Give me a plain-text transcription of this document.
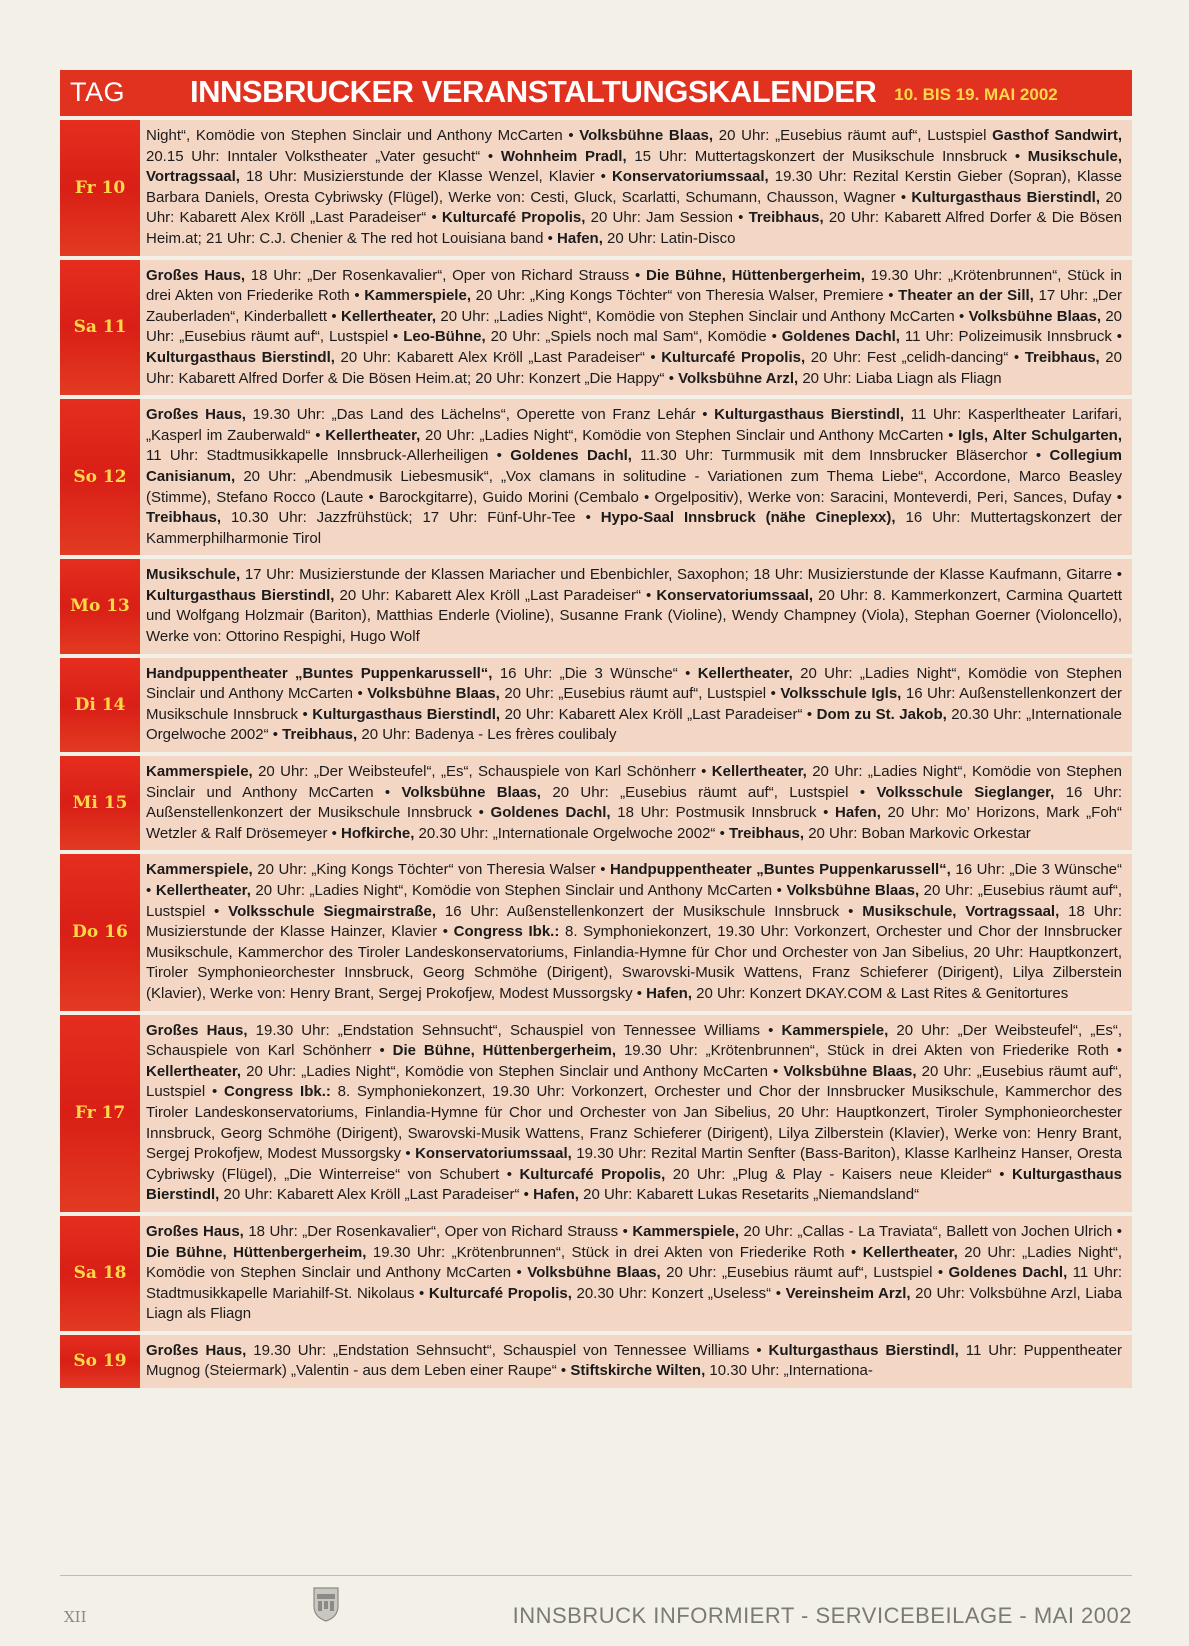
TAG	INNSBRUCKER VERANSTALTUNGSKALENDER	10. BIS 19. MAI 2002
Fr 10
Night“, Komödie von Stephen Sinclair und Anthony McCarten • Volksbühne Blaas, 20 Uhr: „Eusebius räumt auf“, Lustspiel Gasthof Sandwirt, 20.15 Uhr: Inntaler Volkstheater „Vater gesucht“ • Wohnheim Pradl, 15 Uhr: Muttertagskonzert der Musikschule Innsbruck • Musikschule, Vortragssaal, 18 Uhr: Musizierstunde der Klasse Wenzel, Klavier • Konservatoriumssaal, 19.30 Uhr: Rezital Kerstin Gieber (Sopran), Klasse Barbara Daniels, Oresta Cybriwsky (Flügel), Werke von: Cesti, Gluck, Scarlatti, Schumann, Chausson, Wagner • Kulturgasthaus Bierstindl, 20 Uhr: Kabarett Alex Kröll „Last Paradeiser“ • Kulturcafé Propolis, 20 Uhr: Jam Session • Treibhaus, 20 Uhr: Kabarett Alfred Dorfer & Die Bösen Heim.at; 21 Uhr: C.J. Chenier & The red hot Louisiana band • Hafen, 20 Uhr: Latin-Disco
Sa 11
Großes Haus, 18 Uhr: „Der Rosenkavalier“, Oper von Richard Strauss • Die Bühne, Hüttenbergerheim, 19.30 Uhr: „Krötenbrunnen“, Stück in drei Akten von Friederike Roth • Kammerspiele, 20 Uhr: „King Kongs Töchter“ von Theresia Walser, Premiere • Theater an der Sill, 17 Uhr: „Der Zauberladen“, Kinderballett • Kellertheater, 20 Uhr: „Ladies Night“, Komödie von Stephen Sinclair und Anthony McCarten • Volksbühne Blaas, 20 Uhr: „Eusebius räumt auf“, Lustspiel • Leo-Bühne, 20 Uhr: „Spiels noch mal Sam“, Komödie • Goldenes Dachl, 11 Uhr: Polizeimusik Innsbruck • Kulturgasthaus Bierstindl, 20 Uhr: Kabarett Alex Kröll „Last Paradeiser“ • Kulturcafé Propolis, 20 Uhr: Fest „celidh-dancing“ • Treibhaus, 20 Uhr: Kabarett Alfred Dorfer & Die Bösen Heim.at; 20 Uhr: Konzert „Die Happy“ • Volksbühne Arzl, 20 Uhr: Liaba Liagn als Fliagn
So 12
Großes Haus, 19.30 Uhr: „Das Land des Lächelns“, Operette von Franz Lehár • Kulturgasthaus Bierstindl, 11 Uhr: Kasperltheater Larifari, „Kasperl im Zauberwald“ • Kellertheater, 20 Uhr: „Ladies Night“, Komödie von Stephen Sinclair und Anthony McCarten • Igls, Alter Schulgarten, 11 Uhr: Stadtmusikkapelle Innsbruck-Allerheiligen • Goldenes Dachl, 11.30 Uhr: Turmmusik mit dem Innsbrucker Bläserchor • Collegium Canisianum, 20 Uhr: „Abendmusik Liebesmusik“, „Vox clamans in solitudine - Variationen zum Thema Liebe“, Accordone, Marco Beasley (Stimme), Stefano Rocco (Laute • Barockgitarre), Guido Morini (Cembalo • Orgelpositiv), Werke von: Saracini, Monteverdi, Peri, Sances, Dufay • Treibhaus, 10.30 Uhr: Jazzfrühstück; 17 Uhr: Fünf-Uhr-Tee • Hypo-Saal Innsbruck (nähe Cineplexx), 16 Uhr: Muttertagskonzert der Kammerphilharmonie Tirol
Mo 13
Musikschule, 17 Uhr: Musizierstunde der Klassen Mariacher und Ebenbichler, Saxophon; 18 Uhr: Musizierstunde der Klasse Kaufmann, Gitarre • Kulturgasthaus Bierstindl, 20 Uhr: Kabarett Alex Kröll „Last Paradeiser“ • Konservatoriumssaal, 20 Uhr: 8. Kammerkonzert, Carmina Quartett und Wolfgang Holzmair (Bariton), Matthias Enderle (Violine), Susanne Frank (Violine), Wendy Champney (Viola), Stephan Goerner (Violoncello), Werke von: Ottorino Respighi, Hugo Wolf
Di 14
Handpuppentheater „Buntes Puppenkarussell“, 16 Uhr: „Die 3 Wünsche“ • Kellertheater, 20 Uhr: „Ladies Night“, Komödie von Stephen Sinclair und Anthony McCarten • Volksbühne Blaas, 20 Uhr: „Eusebius räumt auf“, Lustspiel • Volksschule Igls, 16 Uhr: Außenstellenkonzert der Musikschule Innsbruck • Kulturgasthaus Bierstindl, 20 Uhr: Kabarett Alex Kröll „Last Paradeiser“ • Dom zu St. Jakob, 20.30 Uhr: „Internationale Orgelwoche 2002“ • Treibhaus, 20 Uhr: Badenya - Les frères coulibaly
Mi 15
Kammerspiele, 20 Uhr: „Der Weibsteufel“, „Es“, Schauspiele von Karl Schönherr • Kellertheater, 20 Uhr: „Ladies Night“, Komödie von Stephen Sinclair und Anthony McCarten • Volksbühne Blaas, 20 Uhr: „Eusebius räumt auf“, Lustspiel • Volksschule Sieglanger, 16 Uhr: Außenstellenkonzert der Musikschule Innsbruck • Goldenes Dachl, 18 Uhr: Postmusik Innsbruck • Hafen, 20 Uhr: Mo’ Horizons, Mark „Foh“ Wetzler & Ralf Drösemeyer • Hofkirche, 20.30 Uhr: „Internationale Orgelwoche 2002“ • Treibhaus, 20 Uhr: Boban Markovic Orkestar
Do 16
Kammerspiele, 20 Uhr: „King Kongs Töchter“ von Theresia Walser • Handpuppentheater „Buntes Puppenkarussell“, 16 Uhr: „Die 3 Wünsche“ • Kellertheater, 20 Uhr: „Ladies Night“, Komödie von Stephen Sinclair und Anthony McCarten • Volksbühne Blaas, 20 Uhr: „Eusebius räumt auf“, Lustspiel • Volksschule Siegmairstraße, 16 Uhr: Außenstellenkonzert der Musikschule Innsbruck • Musikschule, Vortragssaal, 18 Uhr: Musizierstunde der Klasse Hainzer, Klavier • Congress Ibk.: 8. Symphoniekonzert, 19.30 Uhr: Vorkonzert, Orchester und Chor der Innsbrucker Musikschule, Kammerchor des Tiroler Landeskonservatoriums, Finlandia-Hymne für Chor und Orchester von Jan Sibelius, 20 Uhr: Hauptkonzert, Tiroler Symphonieorchester Innsbruck, Georg Schmöhe (Dirigent), Swarovski-Musik Wattens, Franz Schieferer (Dirigent), Lilya Zilberstein (Klavier), Werke von: Henry Brant, Sergej Prokofjew, Modest Mussorgsky • Hafen, 20 Uhr: Konzert DKAY.COM & Last Rites & Genitortures
Fr 17
Großes Haus, 19.30 Uhr: „Endstation Sehnsucht“, Schauspiel von Tennessee Williams • Kammerspiele, 20 Uhr: „Der Weibsteufel“, „Es“, Schauspiele von Karl Schönherr • Die Bühne, Hüttenbergerheim, 19.30 Uhr: „Krötenbrunnen“, Stück in drei Akten von Friederike Roth • Kellertheater, 20 Uhr: „Ladies Night“, Komödie von Stephen Sinclair und Anthony McCarten • Volksbühne Blaas, 20 Uhr: „Eusebius räumt auf“, Lustspiel • Congress Ibk.: 8. Symphoniekonzert, 19.30 Uhr: Vorkonzert, Orchester und Chor der Innsbrucker Musikschule, Kammerchor des Tiroler Landeskonservatoriums, Finlandia-Hymne für Chor und Orchester von Jan Sibelius, 20 Uhr: Hauptkonzert, Tiroler Symphonieorchester Innsbruck, Georg Schmöhe (Dirigent), Swarovski-Musik Wattens, Franz Schieferer (Dirigent), Lilya Zilberstein (Klavier), Werke von: Henry Brant, Sergej Prokofjew, Modest Mussorgsky • Konservatoriumssaal, 19.30 Uhr: Rezital Martin Senfter (Bass-Bariton), Klasse Karlheinz Hanser, Oresta Cybriwsky (Flügel), „Die Winterreise“ von Schubert • Kulturcafé Propolis, 20 Uhr: „Plug & Play - Kaisers neue Kleider“ • Kulturgasthaus Bierstindl, 20 Uhr: Kabarett Alex Kröll „Last Paradeiser“ • Hafen, 20 Uhr: Kabarett Lukas Resetarits „Niemandsland“
Sa 18
Großes Haus, 18 Uhr: „Der Rosenkavalier“, Oper von Richard Strauss • Kammerspiele, 20 Uhr: „Callas - La Traviata“, Ballett von Jochen Ulrich • Die Bühne, Hüttenbergerheim, 19.30 Uhr: „Krötenbrunnen“, Stück in drei Akten von Friederike Roth • Kellertheater, 20 Uhr: „Ladies Night“, Komödie von Stephen Sinclair und Anthony McCarten • Volksbühne Blaas, 20 Uhr: „Eusebius räumt auf“, Lustspiel • Goldenes Dachl, 11 Uhr: Stadtmusikkapelle Mariahilf-St. Nikolaus • Kulturcafé Propolis, 20.30 Uhr: Konzert „Useless“ • Vereinsheim Arzl, 20 Uhr: Volksbühne Arzl, Liaba Liagn als Fliagn
So 19
Großes Haus, 19.30 Uhr: „Endstation Sehnsucht“, Schauspiel von Tennessee Williams • Kulturgasthaus Bierstindl, 11 Uhr: Puppentheater Mugnog (Steiermark) „Valentin - aus dem Leben einer Raupe“ • Stiftskirche Wilten, 10.30 Uhr: „Internationa-
XII	INNSBRUCK INFORMIERT - SERVICEBEILAGE - MAI 2002
